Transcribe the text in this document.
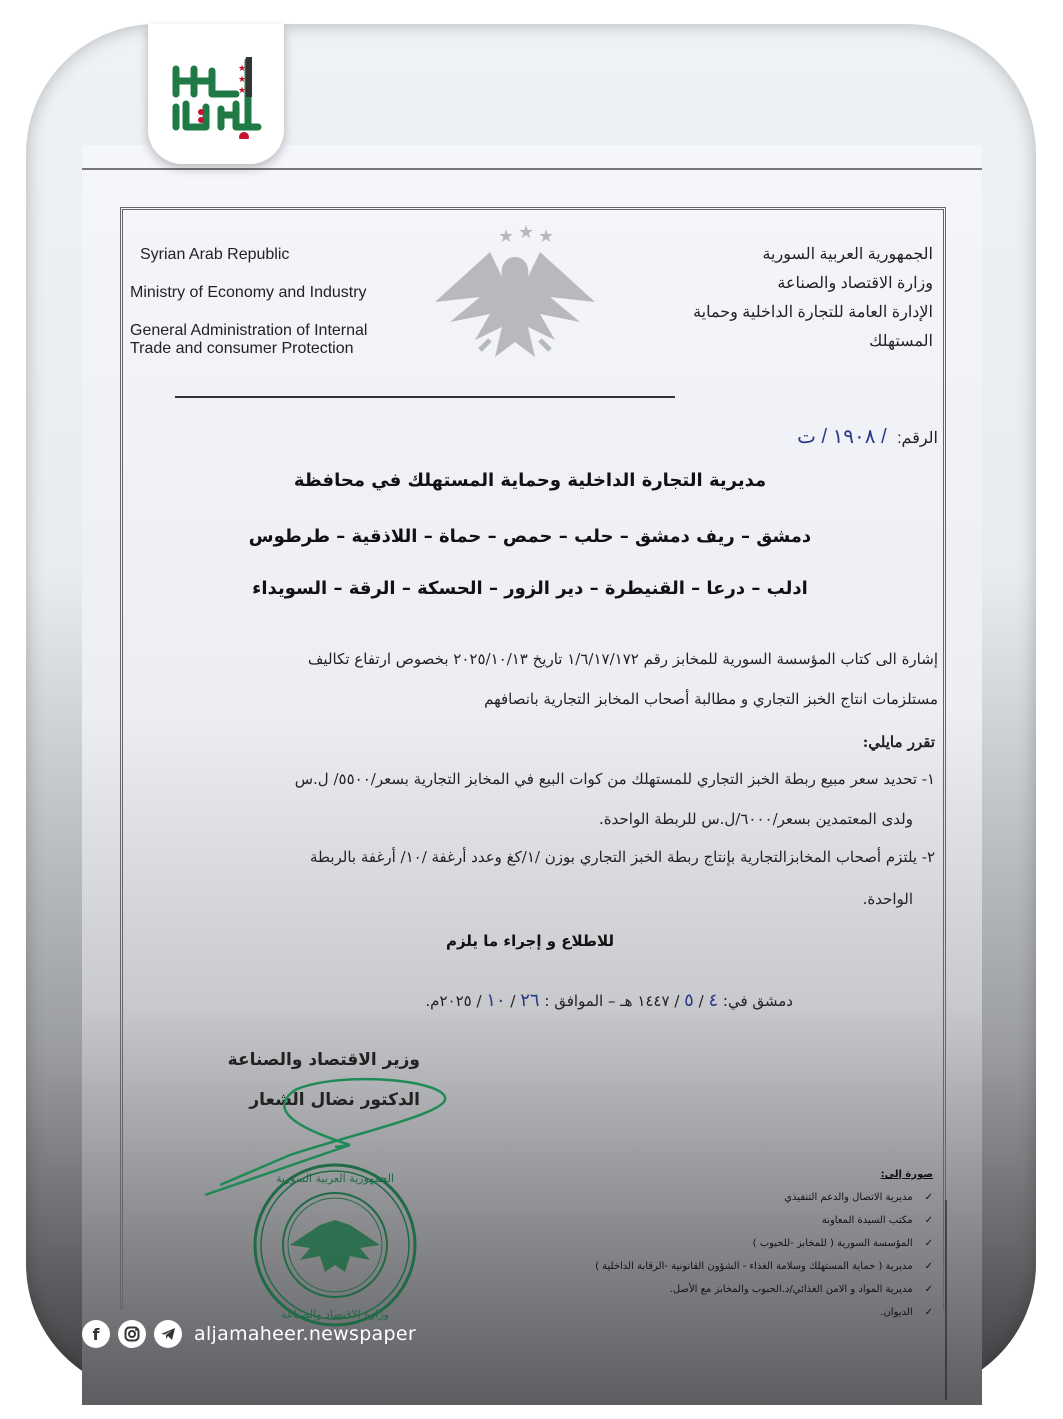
★
★
★
Syrian Arab Republic
Ministry of Economy and Industry
General Administration of Internal
Trade and consumer Protection
★ ★ ★
الجمهورية العربية السورية
وزارة الاقتصاد والصناعة
الإدارة العامة للتجارة الداخلية وحماية
المستهلك
الرقم: / ١٩٠٨ / ت
مديرية التجارة الداخلية وحماية المستهلك في محافظة
دمشق – ريف دمشق – حلب – حمص – حماة – اللاذقية – طرطوس
ادلب – درعا – القنيطرة – دير الزور – الحسكة – الرقة – السويداء
إشارة الى كتاب المؤسسة السورية للمخابز رقم ١/٦/١٧/١٧٢ تاريخ ٢٠٢٥/١٠/١٣ بخصوص ارتفاع تكاليف
مستلزمات انتاج الخبز التجاري و مطالبة أصحاب المخابز التجارية بانصافهم
تقرر مايلي:
١- تحديد سعر مبيع ربطة الخبز التجاري للمستهلك من كوات البيع في المخابز التجارية بسعر/٥٥٠٠/ ل.س
ولدى المعتمدين بسعر/٦٠٠٠/ل.س للربطة الواحدة.
٢- يلتزم أصحاب المخابزالتجارية بإنتاج ربطة الخبز التجاري بوزن /١/كغ وعدد أرغفة /١٠/ أرغفة بالربطة
الواحدة.
للاطلاع و إجراء ما يلزم
دمشق في: ٤ / ٥ / ١٤٤٧ هـ – الموافق : ٢٦ / ١٠ / ٢٠٢٥م.
وزير الاقتصاد والصناعة
الدكتور نضال الشعار
الجمهورية العربية السورية
وزارة الاقتصاد والصناعة
صورة إلى:
✓مديرية الاتصال والدعم التنفيذي
✓مكتب السيدة المعاونة
✓المؤسسة السورية ( للمخابز -للحبوب )
✓مديرية ( حماية المستهلك وسلامة الغذاء - الشؤون القانونية -الرقابة الداخلية )
✓مديرية المواد و الامن الغذائي/د.الحبوب والمخابز مع الأصل.
✓الديوان.
f	aljamaheer.newspaper
